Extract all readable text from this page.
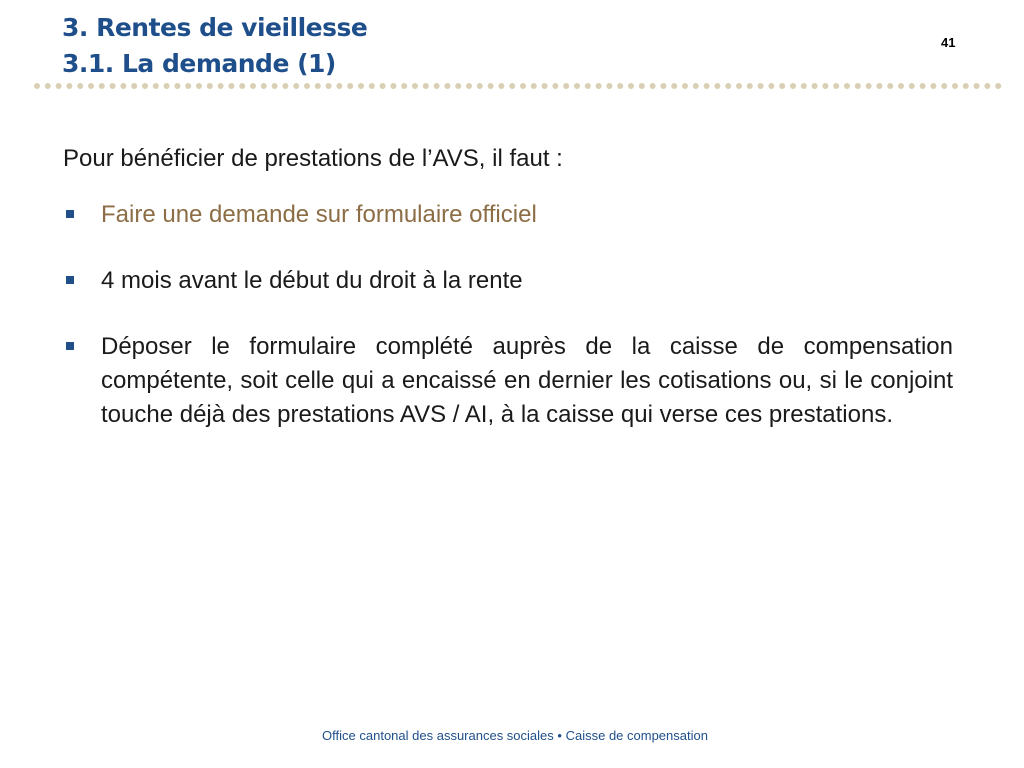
3. Rentes de vieillesse
3.1. La demande (1)
41

Pour bénéficier de prestations de l’AVS, il faut :

Faire une demande sur formulaire officiel
4 mois avant le début du droit à la rente
Déposer le formulaire complété auprès de la caisse de compensation compétente, soit celle qui a encaissé en dernier les cotisations ou, si le conjoint touche déjà des prestations AVS / AI, à la caisse qui verse ces prestations.
Office cantonal des assurances sociales • Caisse de compensation
